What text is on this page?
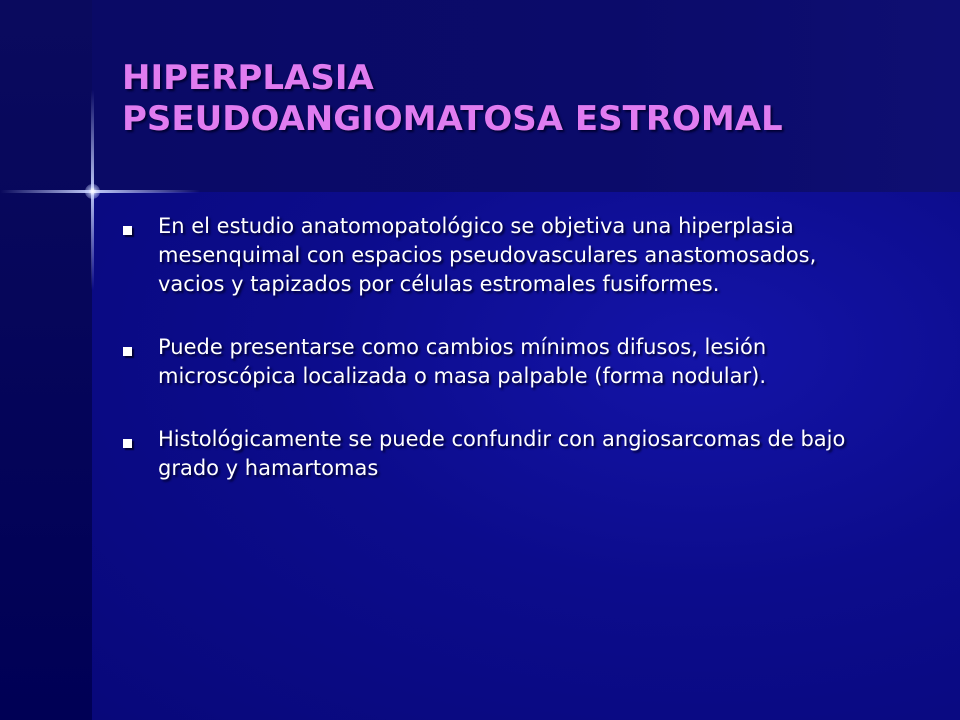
HIPERPLASIA
PSEUDOANGIOMATOSA ESTROMAL
En el estudio anatomopatológico se objetiva una hiperplasia mesenquimal con espacios pseudovasculares anastomosados, vacios y tapizados por células estromales fusiformes.
Puede presentarse como cambios mínimos difusos, lesión microscópica localizada o masa palpable (forma nodular).
Histológicamente se puede confundir con angiosarcomas de bajo grado y hamartomas
